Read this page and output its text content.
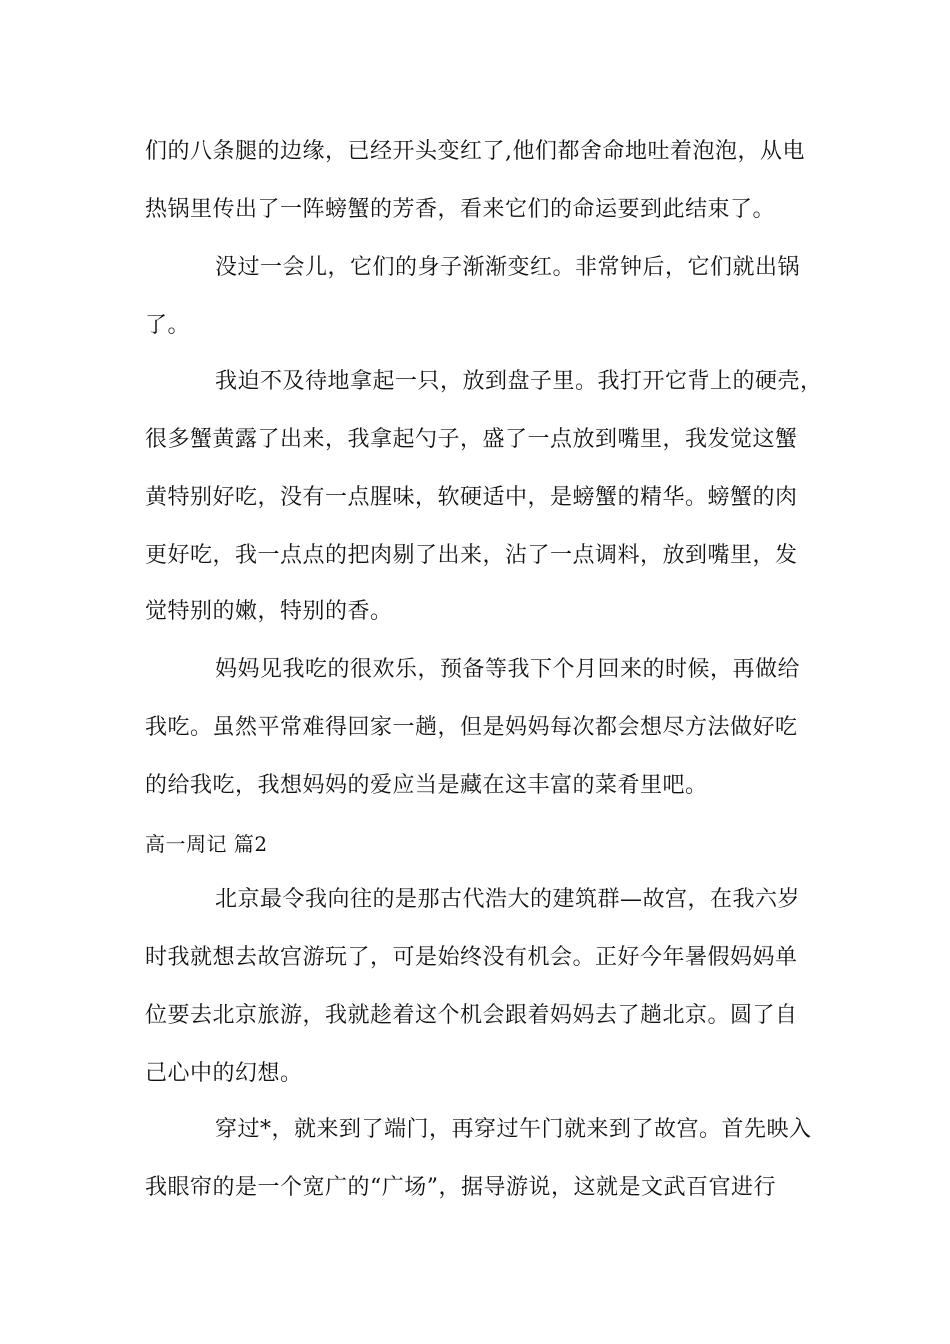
们的八条腿的边缘，已经开头变红了,他们都舍命地吐着泡泡，从电
热锅里传出了一阵螃蟹的芳香，看来它们的命运要到此结束了。
没过一会儿，它们的身子渐渐变红。非常钟后，它们就出锅
了。
我迫不及待地拿起一只，放到盘子里。我打开它背上的硬壳，
很多蟹黄露了出来，我拿起勺子，盛了一点放到嘴里，我发觉这蟹
黄特别好吃，没有一点腥味，软硬适中，是螃蟹的精华。螃蟹的肉
更好吃，我一点点的把肉剔了出来，沾了一点调料，放到嘴里，发
觉特别的嫩，特别的香。
妈妈见我吃的很欢乐，预备等我下个月回来的时候，再做给
我吃。虽然平常难得回家一趟，但是妈妈每次都会想尽方法做好吃
的给我吃，我想妈妈的爱应当是藏在这丰富的菜肴里吧。
高一周记 篇2
北京最令我向往的是那古代浩大的建筑群—故宫，在我六岁
时我就想去故宫游玩了，可是始终没有机会。正好今年暑假妈妈单
位要去北京旅游，我就趁着这个机会跟着妈妈去了趟北京。圆了自
己心中的幻想。
穿过*，就来到了端门，再穿过午门就来到了故宫。首先映入
我眼帘的是一个宽广的“广场”，据导游说，这就是文武百官进行
